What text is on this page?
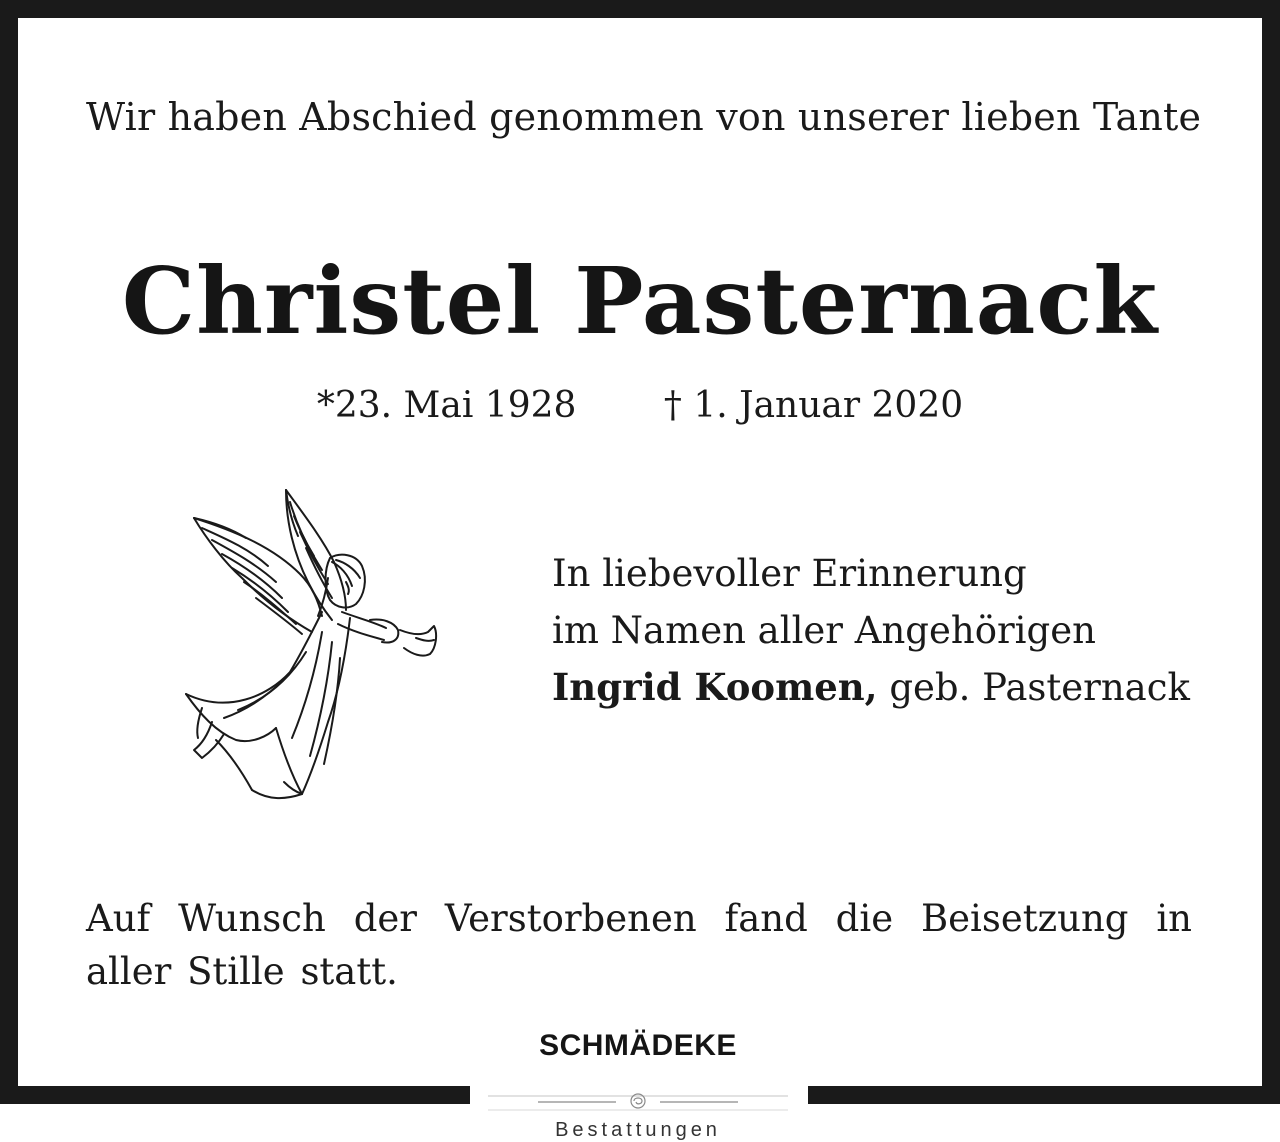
Wir haben Abschied genommen von unserer lieben Tante
Christel Pasternack
*23. Mai 1928 † 1. Januar 2020
In liebevoller Erinnerung
im Namen aller Angehörigen
Ingrid Koomen, geb. Pasternack
Auf Wunsch der Verstorbenen fand die Beisetzung in
aller Stille statt.
SCHMÄDEKE
Bestattungen
